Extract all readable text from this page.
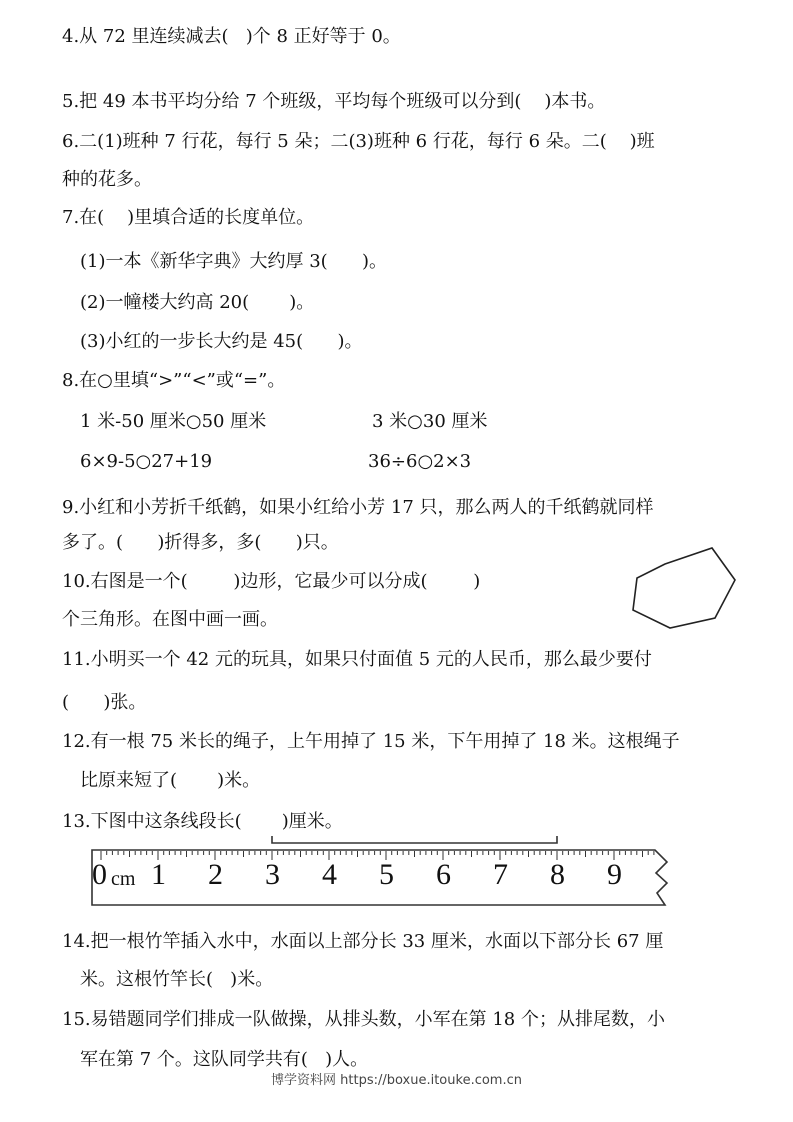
4.从 72 里连续减去(   )个 8 正好等于 0。
5.把 49 本书平均分给 7 个班级，平均每个班级可以分到(    )本书。
6.二(1)班种 7 行花，每行 5 朵；二(3)班种 6 行花，每行 6 朵。二(    )班
种的花多。
7.在(    )里填合适的长度单位。
(1)一本《新华字典》大约厚 3(      )。
(2)一幢楼大约高 20(       )。
(3)小红的一步长大约是 45(      )。
8.在○里填“>”“<”或“=”。
1 米-50 厘米○50 厘米	3 米○30 厘米
6×9-5○27+19	36÷6○2×3
9.小红和小芳折千纸鹤，如果小红给小芳 17 只，那么两人的千纸鹤就同样
多了。(      )折得多，多(      )只。
10.右图是一个(        )边形，它最少可以分成(        )
个三角形。在图中画一画。
11.小明买一个 42 元的玩具，如果只付面值 5 元的人民币，那么最少要付
(      )张。
12.有一根 75 米长的绳子，上午用掉了 15 米，下午用掉了 18 米。这根绳子
比原来短了(       )米。
13.下图中这条线段长(       )厘米。
0 cm 1 2 3 4 5 6 7 8 9
14.把一根竹竿插入水中，水面以上部分长 33 厘米，水面以下部分长 67 厘
米。这根竹竿长(   )米。
15.易错题同学们排成一队做操，从排头数，小军在第 18 个；从排尾数，小
军在第 7 个。这队同学共有(   )人。
博学资料网 https://boxue.itouke.com.cn
